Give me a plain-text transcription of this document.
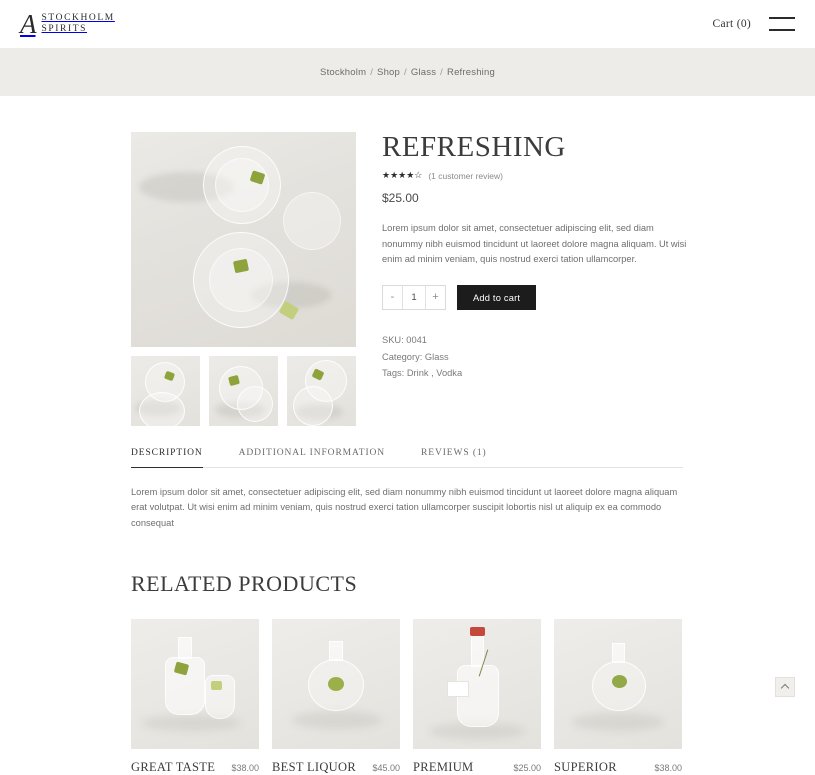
A STOCKHOLM
SPIRITS	Cart (0)
Stockholm / Shop / Glass / Refreshing
REFRESHING
★★★★☆ (1 customer review)
$25.00

Lorem ipsum dolor sit amet, consectetuer adipiscing elit, sed diam nonummy nibh euismod tincidunt ut laoreet dolore magna aliquam. Ut wisi enim ad minim veniam, quis nostrud exerci tation ullamcorper.

-
1	+	Add to cart
SKU: 0041
Category: Glass
Tags: Drink , Vodka
DESCRIPTION	ADDITIONAL INFORMATION	REVIEWS (1)
Lorem ipsum dolor sit amet, consectetuer adipiscing elit, sed diam nonummy nibh euismod tincidunt ut laoreet dolore magna aliquam erat volutpat. Ut wisi enim ad minim veniam, quis nostrud exerci tation ullamcorper suscipit lobortis nisl ut aliquip ex ea commodo consequat
RELATED PRODUCTS
GREAT TASTE $38.00 BEST LIQUOR $45.00 PREMIUM	$25.00 SUPERIOR	$38.00
